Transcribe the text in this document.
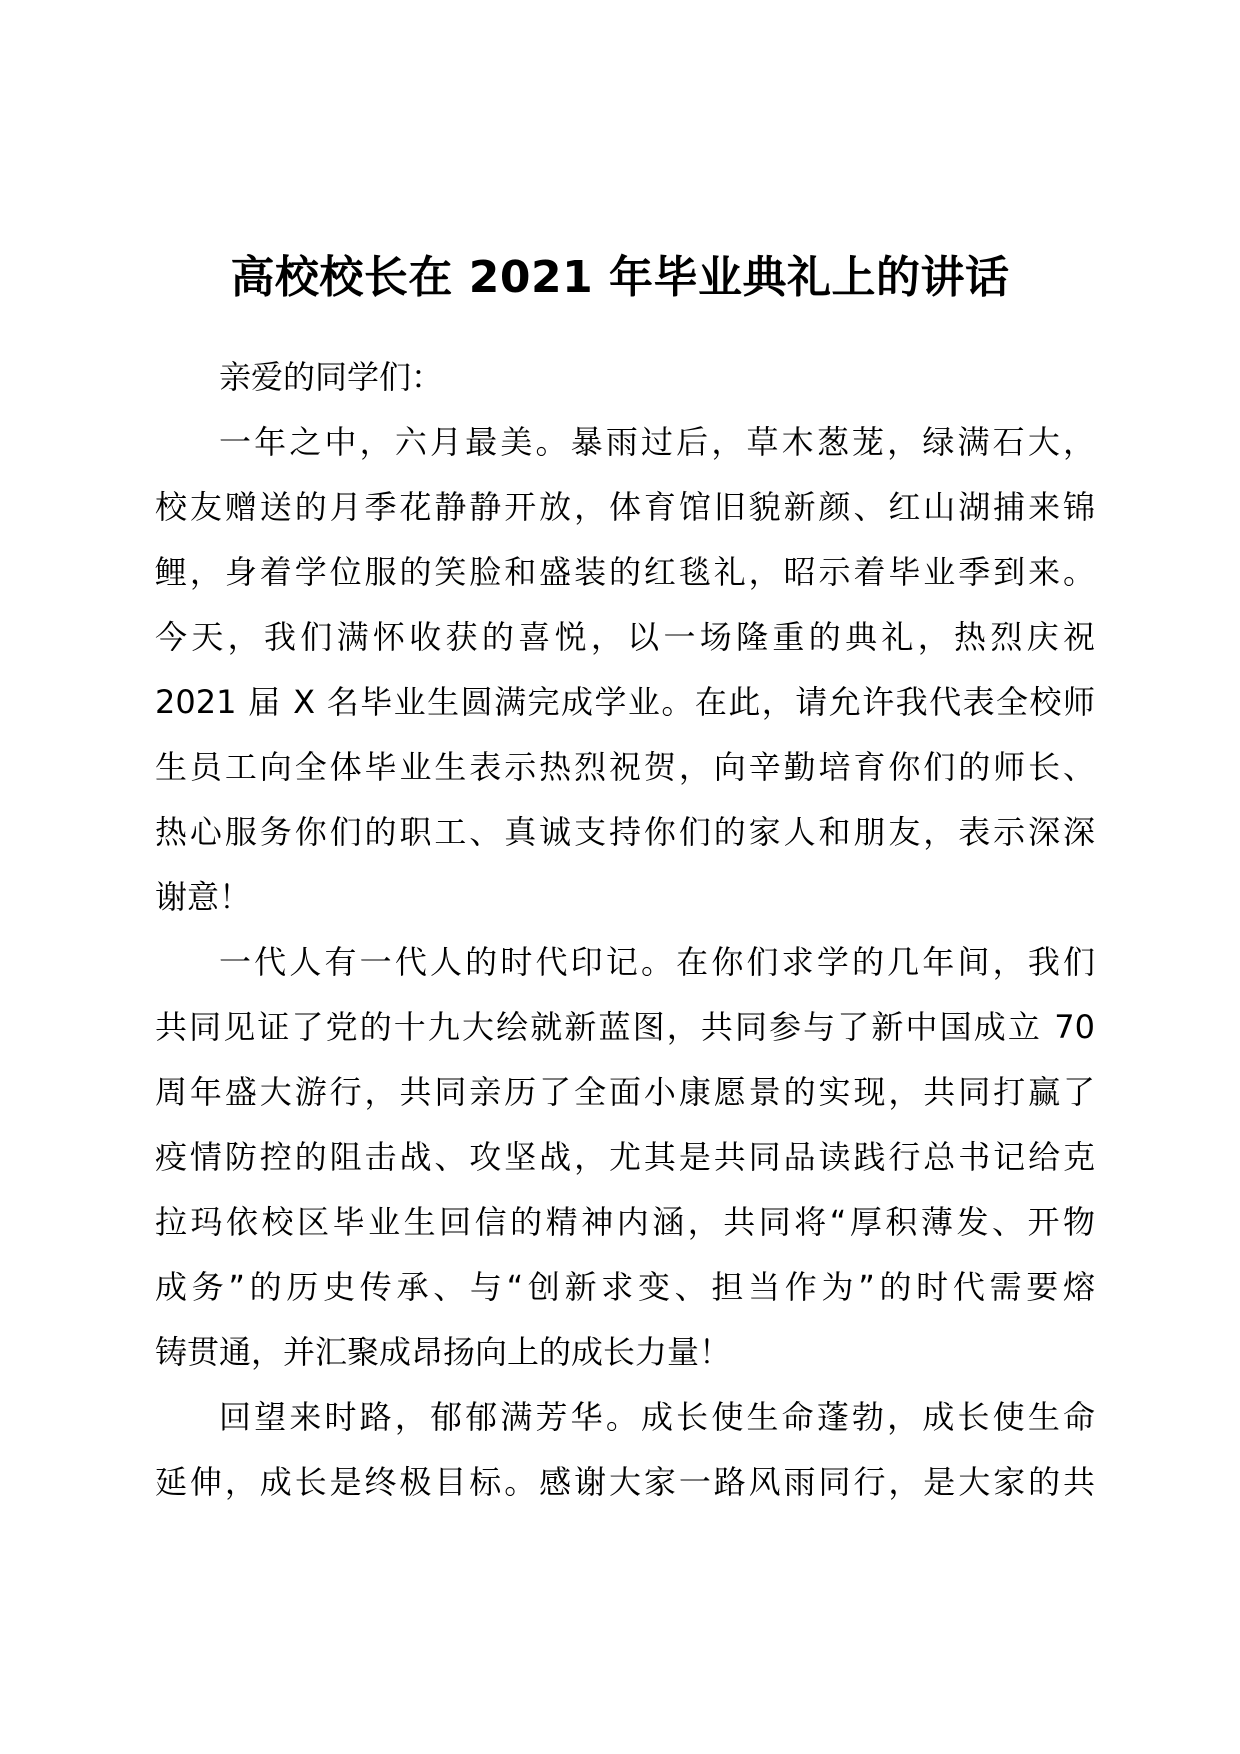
高校校长在 2021 年毕业典礼上的讲话
亲爱的同学们：
一年之中，六月最美。暴雨过后，草木葱茏，绿满石大，
校友赠送的月季花静静开放，体育馆旧貌新颜、红山湖捕来锦
鲤，身着学位服的笑脸和盛装的红毯礼，昭示着毕业季到来。
今天，我们满怀收获的喜悦，以一场隆重的典礼，热烈庆祝
2021 届 X 名毕业生圆满完成学业。在此，请允许我代表全校师
生员工向全体毕业生表示热烈祝贺，向辛勤培育你们的师长、
热心服务你们的职工、真诚支持你们的家人和朋友，表示深深
谢意！
一代人有一代人的时代印记。在你们求学的几年间，我们
共同见证了党的十九大绘就新蓝图，共同参与了新中国成立 70
周年盛大游行，共同亲历了全面小康愿景的实现，共同打赢了
疫情防控的阻击战、攻坚战，尤其是共同品读践行总书记给克
拉玛依校区毕业生回信的精神内涵，共同将“厚积薄发、开物
成务”的历史传承、与“创新求变、担当作为”的时代需要熔
铸贯通，并汇聚成昂扬向上的成长力量！
回望来时路，郁郁满芳华。成长使生命蓬勃，成长使生命
延伸，成长是终极目标。感谢大家一路风雨同行，是大家的共
